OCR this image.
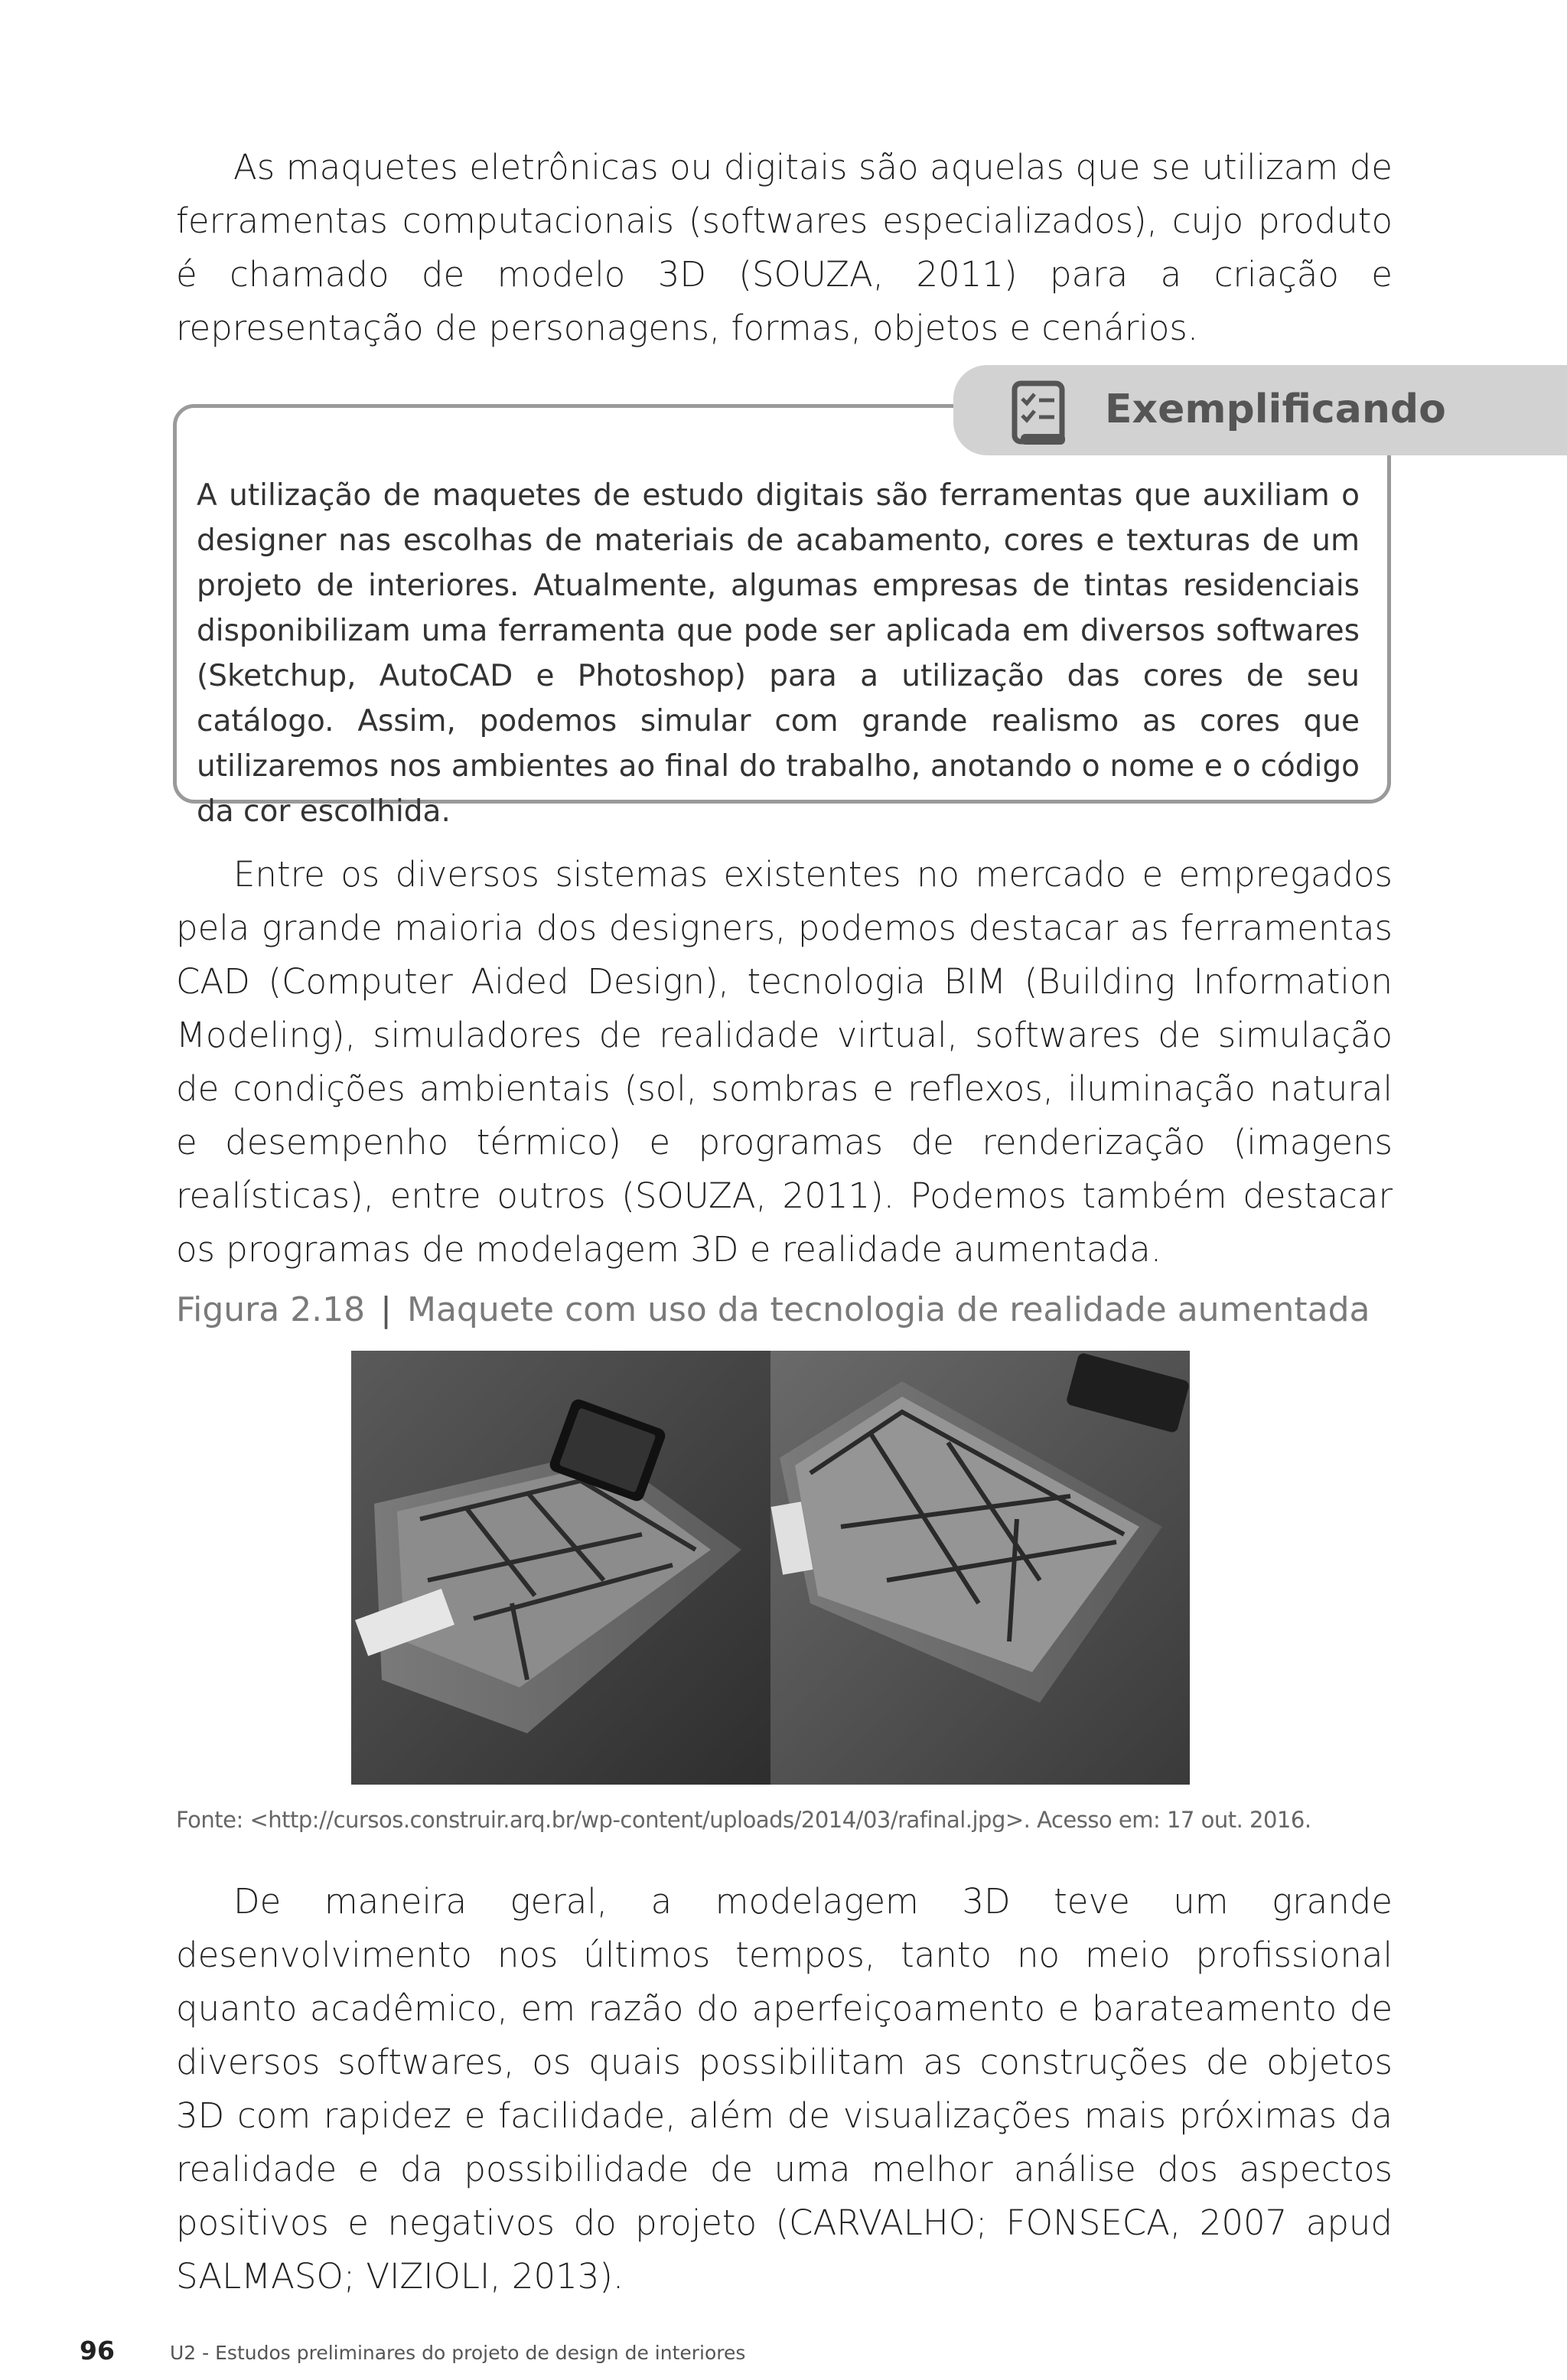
As maquetes eletrônicas ou digitais são aquelas que se utilizam de ferramentas computacionais (softwares especializados), cujo produto é chamado de modelo 3D (SOUZA, 2011) para a criação e representação de personagens, formas, objetos e cenários.

Exemplificando

A utilização de maquetes de estudo digitais são ferramentas que auxiliam o designer nas escolhas de materiais de acabamento, cores e texturas de um projeto de interiores. Atualmente, algumas empresas de tintas residenciais disponibilizam uma ferramenta que pode ser aplicada em diversos softwares (Sketchup, AutoCAD e Photoshop) para a utilização das cores de seu catálogo. Assim, podemos simular com grande realismo as cores que utilizaremos nos ambientes ao final do trabalho, anotando o nome e o código da cor escolhida.

Entre os diversos sistemas existentes no mercado e empregados pela grande maioria dos designers, podemos destacar as ferramentas CAD (Computer Aided Design), tecnologia BIM (Building Information Modeling), simuladores de realidade virtual, softwares de simulação de condições ambientais (sol, sombras e reflexos, iluminação natural e desempenho térmico) e programas de renderização (imagens realísticas), entre outros (SOUZA, 2011). Podemos também destacar os programas de modelagem 3D e realidade aumentada.

Figura 2.18 | Maquete com uso da tecnologia de realidade aumentada
Fonte: <http://cursos.construir.arq.br/wp-content/uploads/2014/03/rafinal.jpg>. Acesso em: 17 out. 2016.

De maneira geral, a modelagem 3D teve um grande desenvolvimento nos últimos tempos, tanto no meio profissional quanto acadêmico, em razão do aperfeiçoamento e barateamento de diversos softwares, os quais possibilitam as construções de objetos 3D com rapidez e facilidade, além de visualizações mais próximas da realidade e da possibilidade de uma melhor análise dos aspectos positivos e negativos do projeto (CARVALHO; FONSECA, 2007 apud SALMASO; VIZIOLI, 2013).

96	U2 - Estudos preliminares do projeto de design de interiores
